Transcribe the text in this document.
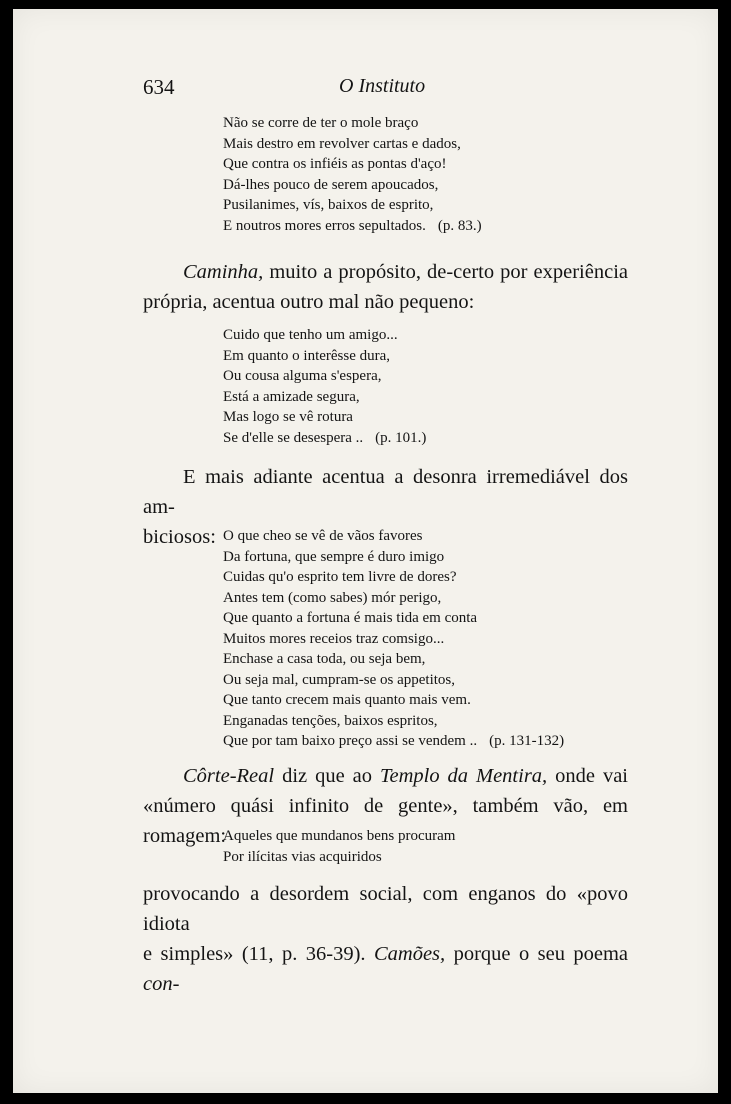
634	O Instituto
Não se corre de ter o mole braço
Mais destro em revolver cartas e dados,
Que contra os infiéis as pontas d'aço!
Dá-lhes pouco de serem apoucados,
Pusilanimes, vís, baixos de esprito,
E noutros mores erros sepultados. (p. 83.)

Caminha, muito a propósito, de-certo por experiência
própria, acentua outro mal não pequeno:

Cuido que tenho um amigo...
Em quanto o interêsse dura,
Ou cousa alguma s'espera,
Está a amizade segura,
Mas logo se vê rotura
Se d'elle se desespera .. (p. 101.)

E mais adiante acentua a desonra irremediável dos am-
biciosos: O que cheo se vê de vãos favores
Da fortuna, que sempre é duro imigo
Cuidas qu'o esprito tem livre de dores?
Antes tem (como sabes) mór perigo,
Que quanto a fortuna é mais tida em conta
Muitos mores receios traz comsigo...
Enchase a casa toda, ou seja bem,
Ou seja mal, cumpram-se os appetitos,
Que tanto crecem mais quanto mais vem.
Enganadas tenções, baixos espritos,
Que por tam baixo preço assi se vendem .. (p. 131-132)

Côrte-Real diz que ao Templo da Mentira, onde vai
«número quási infinito de gente», também vão, em romagem:

Aqueles que mundanos bens procuram
Por ilícitas vias acquiridos

provocando a desordem social, com enganos do «povo idiota
e simples» (11, p. 36-39). Camões, porque o seu poema con-
